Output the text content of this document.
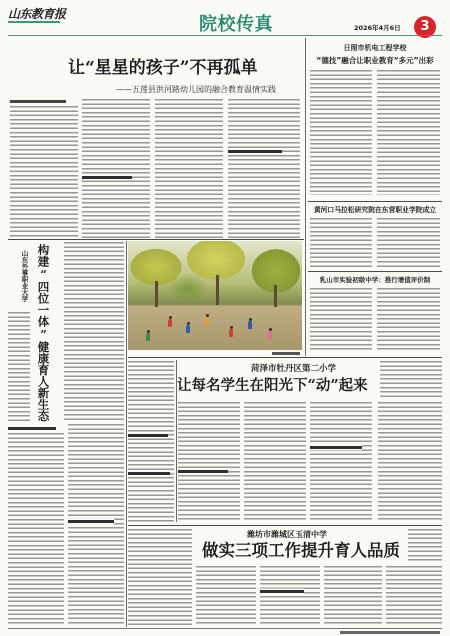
山东教育报	院校传真	2026年4月6日	3
让“星星的孩子”不再孤单
——五莲县洪河路幼儿园的融合教育温情实践
日照市机电工程学校
“德技”融合让职业教育“多元”出彩
黄河口马拉松研究院在东营职业学院成立
乳山市实验初级中学：推行增值评价制
山东外事职业大学 构建“四位一体”健康育人新生态	菏泽市牡丹区第二小学
让每名学生在阳光下“动”起来
潍坊市潍城区玉清中学
做实三项工作提升育人品质
